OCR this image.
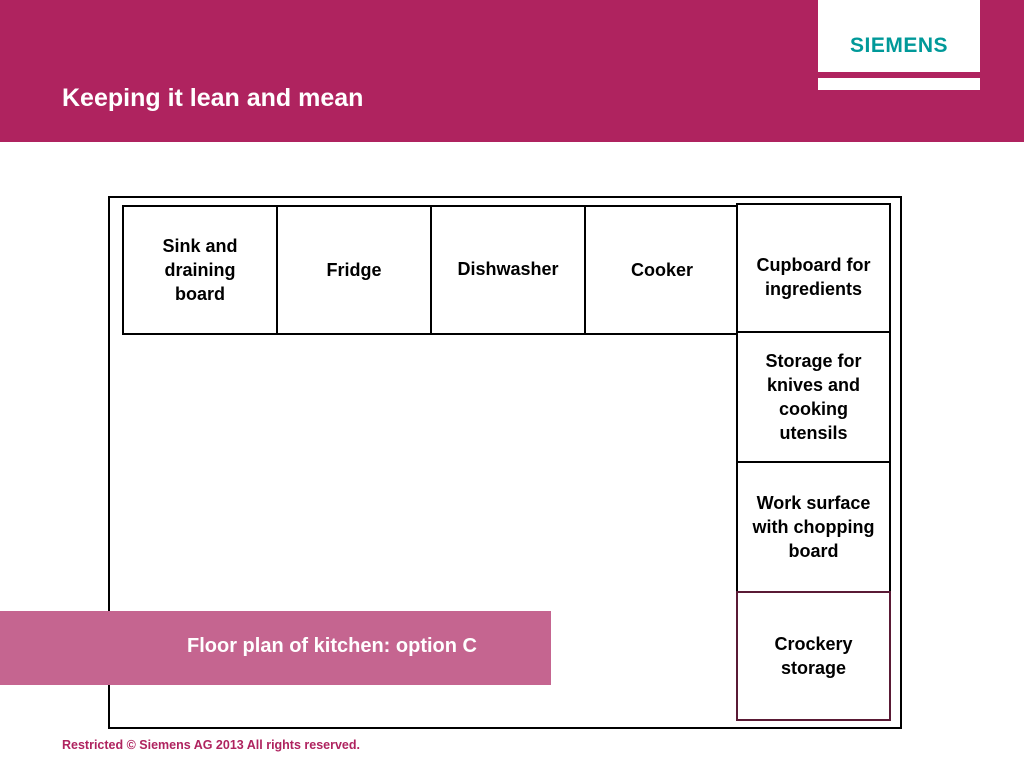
Keeping it lean and mean
SIEMENS
Sink and draining board
Fridge	Dishwasher	Cooker	Cupboard for ingredients
Storage for knives and cooking utensils
Work surface with chopping board
Crockery storage
Floor plan of kitchen: option C
Restricted © Siemens AG 2013 All rights reserved.
